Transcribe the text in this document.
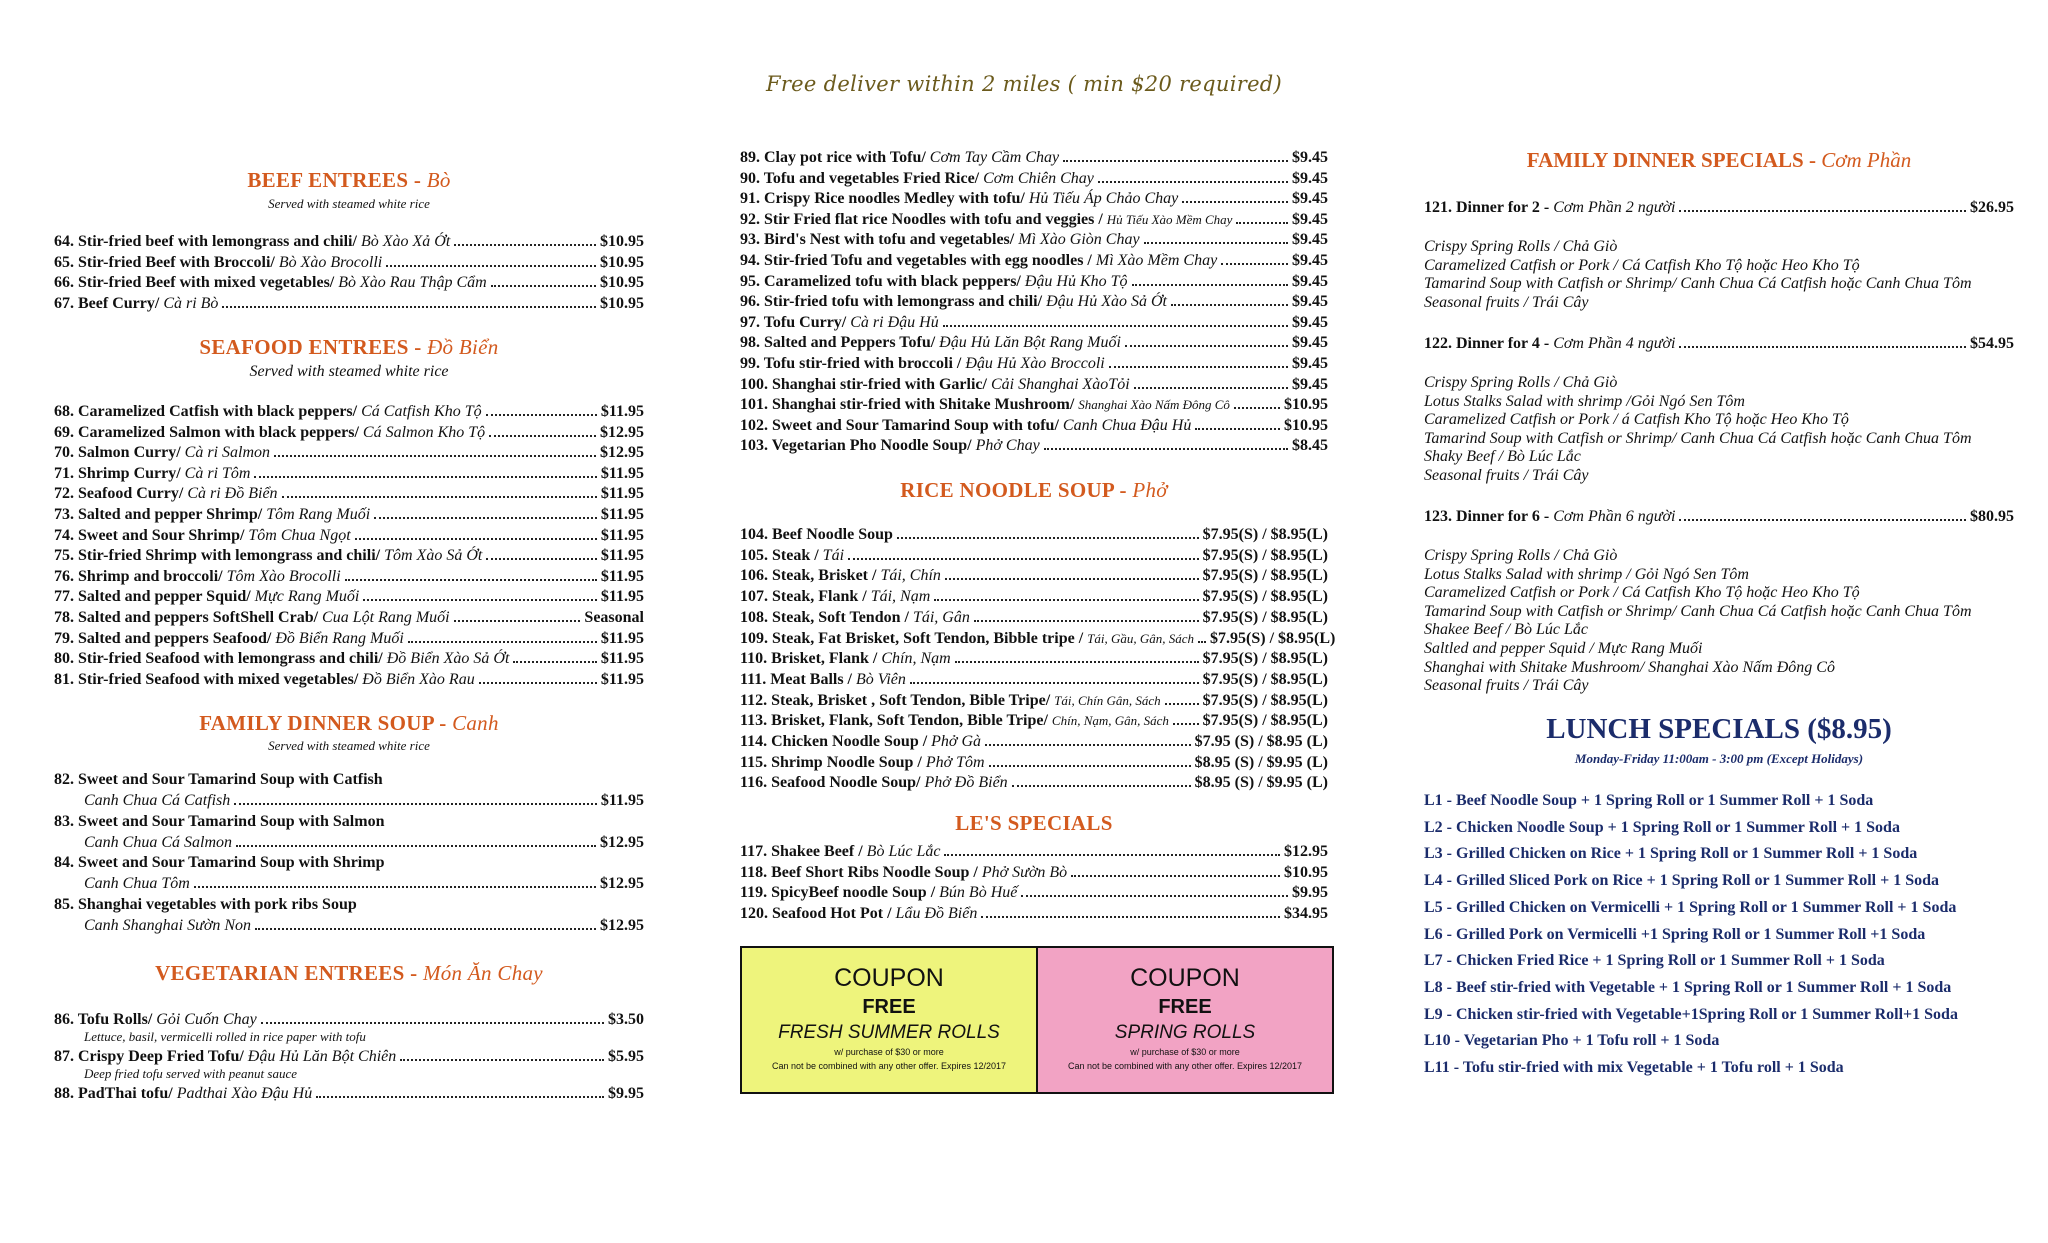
Free deliver within 2 miles ( min $20 required)
BEEF ENTREES - Bò
Served with steamed white rice
64. Stir-fried beef with lemongrass and chili/ Bò Xào Xả Ớt	$10.95
65. Stir-fried Beef with Broccoli/ Bò Xào Brocolli	$10.95
66. Stir-fried Beef with mixed vegetables/ Bò Xào Rau Thập Cẩm	$10.95
67. Beef Curry/ Cà ri Bò	$10.95
SEAFOOD ENTREES - Đồ Biển
Served with steamed white rice
68. Caramelized Catfish with black peppers/ Cá Catfish Kho Tộ	$11.95
69. Caramelized Salmon with black peppers/ Cá Salmon Kho Tộ	$12.95
70. Salmon Curry/ Cà ri Salmon	$12.95
71. Shrimp Curry/ Cà ri Tôm	$11.95
72. Seafood Curry/ Cà ri Đồ Biển	$11.95
73. Salted and pepper Shrimp/ Tôm Rang Muối	$11.95
74. Sweet and Sour Shrimp/ Tôm Chua Ngọt	$11.95
75. Stir-fried Shrimp with lemongrass and chili/ Tôm Xào Sả Ớt	$11.95
76. Shrimp and broccoli/ Tôm Xào Brocolli	$11.95
77. Salted and pepper Squid/ Mực Rang Muối	$11.95
78. Salted and peppers SoftShell Crab/ Cua Lột Rang Muối	Seasonal
79. Salted and peppers Seafood/ Đồ Biển Rang Muối	$11.95
80. Stir-fried Seafood with lemongrass and chili/ Đồ Biển Xào Sả Ớt	$11.95
81. Stir-fried Seafood with mixed vegetables/ Đồ Biển Xào Rau	$11.95
FAMILY DINNER SOUP - Canh
Served with steamed white rice
82. Sweet and Sour Tamarind Soup with Catfish
Canh Chua Cá Catfish	$11.95
83. Sweet and Sour Tamarind Soup with Salmon
Canh Chua Cá Salmon	$12.95
84. Sweet and Sour Tamarind Soup with Shrimp
Canh Chua Tôm	$12.95
85. Shanghai vegetables with pork ribs Soup
Canh Shanghai Sườn Non	$12.95
VEGETARIAN ENTREES - Món Ăn Chay
86. Tofu Rolls/ Gỏi Cuốn Chay	$3.50
Lettuce, basil, vermicelli rolled in rice paper with tofu
87. Crispy Deep Fried Tofu/ Đậu Hủ Lăn Bột Chiên	$5.95
Deep fried tofu served with peanut sauce
88. PadThai tofu/ Padthai Xào Đậu Hủ	$9.95
89. Clay pot rice with Tofu/ Cơm Tay Cầm Chay	$9.45
90. Tofu and vegetables Fried Rice/ Cơm Chiên Chay	$9.45
91. Crispy Rice noodles Medley with tofu/ Hủ Tiếu Áp Chảo Chay	$9.45
92. Stir Fried flat rice Noodles with tofu and veggies / Hủ Tiếu Xào Mềm Chay	$9.45
93. Bird's Nest with tofu and vegetables/ Mì Xào Giòn Chay	$9.45
94. Stir-fried Tofu and vegetables with egg noodles / Mì Xào Mềm Chay	$9.45
95. Caramelized tofu with black peppers/ Đậu Hủ Kho Tộ	$9.45
96. Stir-fried tofu with lemongrass and chili/ Đậu Hủ Xào Sả Ớt	$9.45
97. Tofu Curry/ Cà ri Đậu Hủ	$9.45
98. Salted and Peppers Tofu/ Đậu Hủ Lăn Bột Rang Muối	$9.45
99. Tofu stir-fried with broccoli / Đậu Hủ Xào Broccoli	$9.45
100. Shanghai stir-fried with Garlic/ Cải Shanghai XàoTỏi	$9.45
101. Shanghai stir-fried with Shitake Mushroom/ Shanghai Xào Nấm Đông Cô	$10.95
102. Sweet and Sour Tamarind Soup with tofu/ Canh Chua Đậu Hủ	$10.95
103. Vegetarian Pho Noodle Soup/ Phở Chay	$8.45
RICE NOODLE SOUP - Phở
104. Beef Noodle Soup	$7.95(S) / $8.95(L)
105. Steak / Tái	$7.95(S) / $8.95(L)
106. Steak, Brisket / Tái, Chín	$7.95(S) / $8.95(L)
107. Steak, Flank / Tái, Nạm	$7.95(S) / $8.95(L)
108. Steak, Soft Tendon / Tái, Gân	$7.95(S) / $8.95(L)
109. Steak, Fat Brisket, Soft Tendon, Bibble tripe / Tái, Gầu, Gân, Sách $7.95(S) / $8.95(L)
110. Brisket, Flank / Chín, Nạm	$7.95(S) / $8.95(L)
111. Meat Balls / Bò Viên	$7.95(S) / $8.95(L)
112. Steak, Brisket , Soft Tendon, Bible Tripe/ Tái, Chín Gân, Sách	$7.95(S) / $8.95(L)
113. Brisket, Flank, Soft Tendon, Bible Tripe/ Chín, Nạm, Gân, Sách $7.95(S) / $8.95(L)
114. Chicken Noodle Soup / Phở Gà	$7.95 (S) / $8.95 (L)
115. Shrimp Noodle Soup / Phở Tôm	$8.95 (S) / $9.95 (L)
116. Seafood Noodle Soup/ Phở Đồ Biển	$8.95 (S) / $9.95 (L)
LE'S SPECIALS
117. Shakee Beef / Bò Lúc Lắc	$12.95
118. Beef Short Ribs Noodle Soup / Phở Sườn Bò	$10.95
119. SpicyBeef noodle Soup / Bún Bò Huế	$9.95
120. Seafood Hot Pot / Lẩu Đồ Biển	$34.95
COUPON
FREE
FRESH SUMMER ROLLS
w/ purchase of $30 or more
Can not be combined with any other offer. Expires 12/2017
COUPON
FREE
SPRING ROLLS
w/ purchase of $30 or more
Can not be combined with any other offer. Expires 12/2017
FAMILY DINNER SPECIALS - Cơm Phần
121. Dinner for 2 - Cơm Phần 2 người	$26.95
Crispy Spring Rolls / Chả Giò
Caramelized Catfish or Pork / Cá Catfish Kho Tộ hoặc Heo Kho Tộ
Tamarind Soup with Catfish or Shrimp/ Canh Chua Cá Catfish hoặc Canh Chua Tôm
Seasonal fruits / Trái Cây
122. Dinner for 4 - Cơm Phần 4 người	$54.95
Crispy Spring Rolls / Chả Giò
Lotus Stalks Salad with shrimp /Gỏi Ngó Sen Tôm
Caramelized Catfish or Pork / á Catfish Kho Tộ hoặc Heo Kho Tộ
Tamarind Soup with Catfish or Shrimp/ Canh Chua Cá Catfish hoặc Canh Chua Tôm
Shaky Beef / Bò Lúc Lắc
Seasonal fruits / Trái Cây
123. Dinner for 6 - Cơm Phần 6 người	$80.95
Crispy Spring Rolls / Chả Giò
Lotus Stalks Salad with shrimp / Gỏi Ngó Sen Tôm
Caramelized Catfish or Pork / Cá Catfish Kho Tộ hoặc Heo Kho Tộ
Tamarind Soup with Catfish or Shrimp/ Canh Chua Cá Catfish hoặc Canh Chua Tôm
Shakee Beef / Bò Lúc Lắc
Saltled and pepper Squid / Mực Rang Muối
Shanghai with Shitake Mushroom/ Shanghai Xào Nấm Đông Cô
Seasonal fruits / Trái Cây
LUNCH SPECIALS ($8.95)
Monday-Friday 11:00am - 3:00 pm (Except Holidays)
L1 - Beef Noodle Soup + 1 Spring Roll or 1 Summer Roll + 1 Soda
L2 - Chicken Noodle Soup + 1 Spring Roll or 1 Summer Roll + 1 Soda
L3 - Grilled Chicken on Rice + 1 Spring Roll or 1 Summer Roll + 1 Soda
L4 - Grilled Sliced Pork on Rice + 1 Spring Roll or 1 Summer Roll + 1 Soda
L5 - Grilled Chicken on Vermicelli + 1 Spring Roll or 1 Summer Roll + 1 Soda
L6 - Grilled Pork on Vermicelli +1 Spring Roll or 1 Summer Roll +1 Soda
L7 - Chicken Fried Rice + 1 Spring Roll or 1 Summer Roll + 1 Soda
L8 - Beef stir-fried with Vegetable + 1 Spring Roll or 1 Summer Roll + 1 Soda
L9 - Chicken stir-fried with Vegetable+1Spring Roll or 1 Summer Roll+1 Soda
L10 - Vegetarian Pho + 1 Tofu roll + 1 Soda
L11 - Tofu stir-fried with mix Vegetable + 1 Tofu roll + 1 Soda
